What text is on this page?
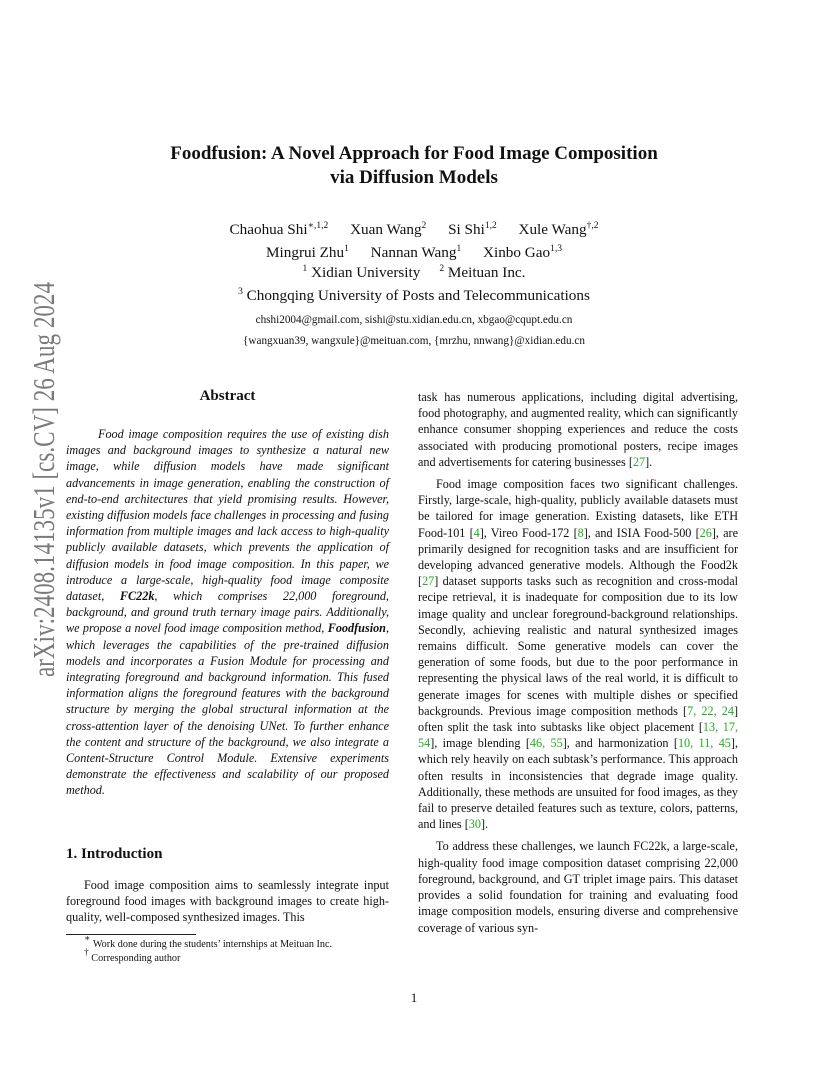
arXiv:2408.14135v1 [cs.CV] 26 Aug 2024	Foodfusion: A Novel Approach for Food Image Composition
via Diffusion Models
Chaohua Shi$^{∗,1,2}$ Xuan Wang$^2$ Si Shi$^{1,2}$ Xule Wang$^{\dagger,2}$
Mingrui Zhu$^1$ Nannan Wang$^1$ Xinbo Gao$^{1,3}$
$^1$ Xidian University $^2$ Meituan Inc.
$^3$ Chongqing University of Posts and Telecommunications
chshi2004@gmail.com, sishi@stu.xidian.edu.cn, xbgao@cqupt.edu.cn
{wangxuan39, wangxule}@meituan.com, {mrzhu, nnwang}@xidian.edu.cn
Abstract

Food image composition requires the use of existing dish images and background images to synthesize a natural new image, while diffusion models have made significant advancements in image generation, enabling the construction of end-to-end architectures that yield promising results. However, existing diffusion models face challenges in processing and fusing information from multiple images and lack access to high-quality publicly available datasets, which prevents the application of diffusion models in food image composition. In this paper, we introduce a large-scale, high-quality food image composite dataset, FC22k, which comprises 22,000 foreground, background, and ground truth ternary image pairs. Additionally, we propose a novel food image composition method, Foodfusion, which leverages the capabilities of the pre-trained diffusion models and incorporates a Fusion Module for processing and integrating foreground and background information. This fused information aligns the foreground features with the background structure by merging the global structural information at the cross-attention layer of the denoising UNet. To further enhance the content and structure of the background, we also integrate a Content-Structure Control Module. Extensive experiments demonstrate the effectiveness and scalability of our proposed method.

1. Introduction

Food image composition aims to seamlessly integrate input foreground food images with background images to create high-quality, well-composed synthesized images. This

∗ Work done during the students’ internships at Meituan Inc.
† Corresponding author

task has numerous applications, including digital advertising, food photography, and augmented reality, which can significantly enhance consumer shopping experiences and reduce the costs associated with producing promotional posters, recipe images and advertisements for catering businesses [27].

Food image composition faces two significant challenges. Firstly, large-scale, high-quality, publicly available datasets must be tailored for image generation. Existing datasets, like ETH Food-101 [4], Vireo Food-172 [8], and ISIA Food-500 [26], are primarily designed for recognition tasks and are insufficient for developing advanced generative models. Although the Food2k [27] dataset supports tasks such as recognition and cross-modal recipe retrieval, it is inadequate for composition due to its low image quality and unclear foreground-background relationships. Secondly, achieving realistic and natural synthesized images remains difficult. Some generative models can cover the generation of some foods, but due to the poor performance in representing the physical laws of the real world, it is difficult to generate images for scenes with multiple dishes or specified backgrounds. Previous image composition methods [7, 22, 24] often split the task into subtasks like object placement [13, 17, 54], image blending [46, 55], and harmonization [10, 11, 45], which rely heavily on each subtask’s performance. This approach often results in inconsistencies that degrade image quality. Additionally, these methods are unsuited for food images, as they fail to preserve detailed features such as texture, colors, patterns, and lines [30].

To address these challenges, we launch FC22k, a large-scale, high-quality food image composition dataset comprising 22,000 foreground, background, and GT triplet image pairs. This dataset provides a solid foundation for training and evaluating food image composition models, ensuring diverse and comprehensive coverage of various syn-

1
